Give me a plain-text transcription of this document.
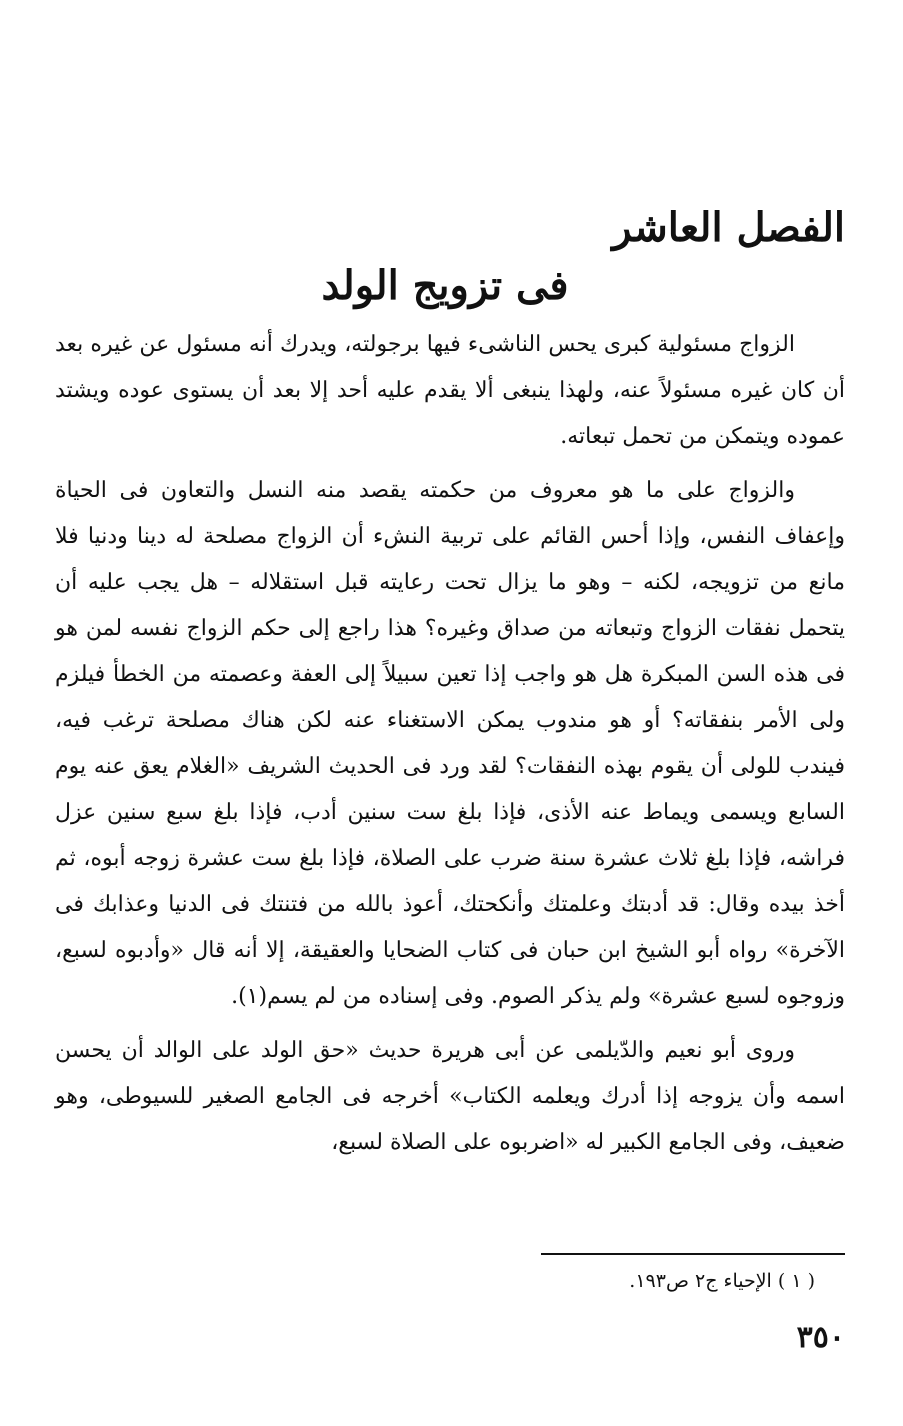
الفصل العاشر
فى تزويج الولد

الزواج مسئولية كبرى يحس الناشىء فيها برجولته، ويدرك أنه مسئول عن غيره بعد أن كان غيره مسئولاً عنه، ولهذا ينبغى ألا يقدم عليه أحد إلا بعد أن يستوى عوده ويشتد عموده ويتمكن من تحمل تبعاته.

والزواج على ما هو معروف من حكمته يقصد منه النسل والتعاون فى الحياة وإعفاف النفس، وإذا أحس القائم على تربية النشء أن الزواج مصلحة له دينا ودنيا فلا مانع من تزويجه، لكنه – وهو ما يزال تحت رعايته قبل استقلاله – هل يجب عليه أن يتحمل نفقات الزواج وتبعاته من صداق وغيره؟ هذا راجع إلى حكم الزواج نفسه لمن هو فى هذه السن المبكرة هل هو واجب إذا تعين سبيلاً إلى العفة وعصمته من الخطأ فيلزم ولى الأمر بنفقاته؟ أو هو مندوب يمكن الاستغناء عنه لكن هناك مصلحة ترغب فيه، فيندب للولى أن يقوم بهذه النفقات؟ لقد ورد فى الحديث الشريف «الغلام يعق عنه يوم السابع ويسمى ويماط عنه الأذى، فإذا بلغ ست سنين أدب، فإذا بلغ سبع سنين عزل فراشه، فإذا بلغ ثلاث عشرة سنة ضرب على الصلاة، فإذا بلغ ست عشرة زوجه أبوه، ثم أخذ بيده وقال: قد أدبتك وعلمتك وأنكحتك، أعوذ بالله من فتنتك فى الدنيا وعذابك فى الآخرة» رواه أبو الشيخ ابن حبان فى كتاب الضحايا والعقيقة، إلا أنه قال «وأدبوه لسبع، وزوجوه لسبع عشرة» ولم يذكر الصوم. وفى إسناده من لم يسم(١).

وروى أبو نعيم والدّيلمى عن أبى هريرة حديث «حق الولد على الوالد أن يحسن اسمه وأن يزوجه إذا أدرك ويعلمه الكتاب» أخرجه فى الجامع الصغير للسيوطى، وهو ضعيف، وفى الجامع الكبير له «اضربوه على الصلاة لسبع،

( ١ ) الإحياء ج٢ ص١٩٣.

٣٥٠
